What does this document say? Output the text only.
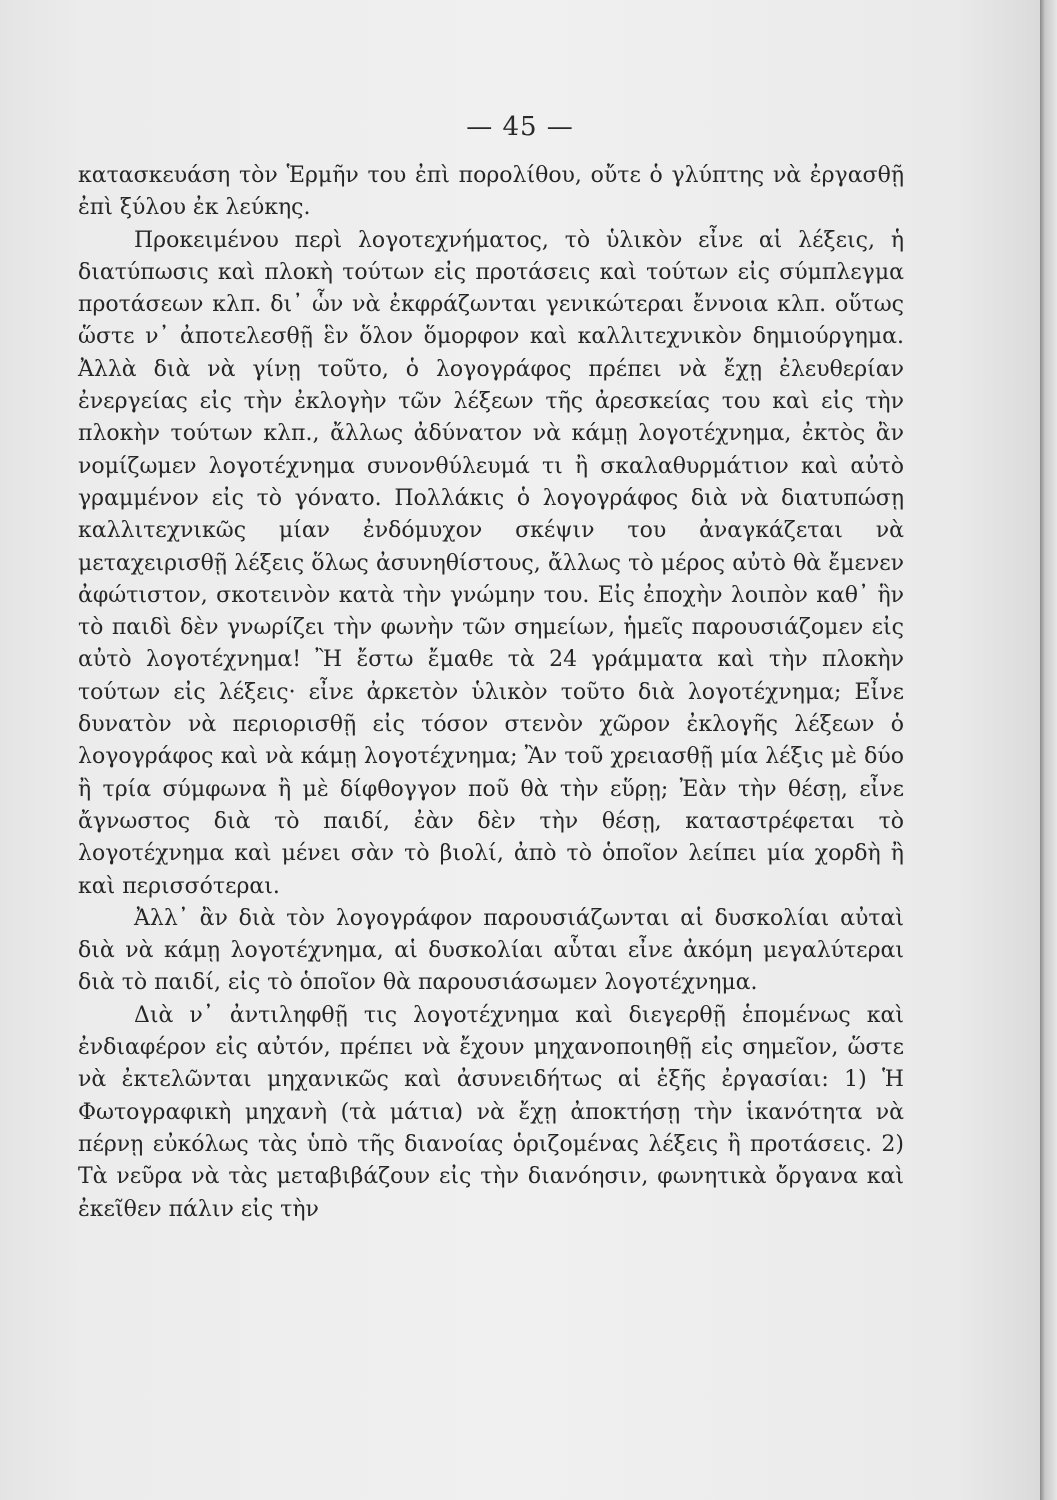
— 45 —

κατασκευάση τὸν Ἑρμῆν του ἐπὶ πορολίθου, οὔτε ὁ γλύπτης νὰ ἐργασθῇ ἐπὶ ξύλου ἐκ λεύκης.

Προκειμένου περὶ λογοτεχνήματος, τὸ ὑλικὸν εἶνε αἱ λέξεις, ἡ διατύπωσις καὶ πλοκὴ τούτων εἰς προτάσεις καὶ τούτων εἰς σύμπλεγμα προτάσεων κλπ. δι᾿ ὧν νὰ ἐκφράζωνται γενικώτεραι ἔννοια κλπ. οὕτως ὥστε ν᾿ ἀποτελεσθῇ ἓν ὅλον ὅμορφον καὶ καλλιτεχνικὸν δημιούργημα. Ἀλλὰ διὰ νὰ γίνῃ τοῦτο, ὁ λογογράφος πρέπει νὰ ἔχῃ ἐλευθερίαν ἐνεργείας εἰς τὴν ἐκλογὴν τῶν λέξεων τῆς ἀρεσκείας του καὶ εἰς τὴν πλοκὴν τούτων κλπ., ἄλλως ἀδύνατον νὰ κάμῃ λογοτέχνημα, ἐκτὸς ἂν νομίζωμεν λογοτέχνημα συνονθύλευμά τι ἢ σκαλαθυρμάτιον καὶ αὐτὸ γραμμένον εἰς τὸ γόνατο. Πολλάκις ὁ λογογράφος διὰ νὰ διατυπώσῃ καλλιτεχνικῶς μίαν ἐνδόμυχον σκέψιν του ἀναγκάζεται νὰ μεταχειρισθῇ λέξεις ὅλως ἀσυνηθίστους, ἄλλως τὸ μέρος αὐτὸ θὰ ἔμενεν ἀφώτιστον, σκοτεινὸν κατὰ τὴν γνώμην του. Εἰς ἐποχὴν λοιπὸν καθ᾿ ἣν τὸ παιδὶ δὲν γνωρίζει τὴν φωνὴν τῶν σημείων, ἡμεῖς παρουσιάζομεν εἰς αὐτὸ λογοτέχνημα! Ἢ ἔστω ἔμαθε τὰ 24 γράμματα καὶ τὴν πλοκὴν τούτων εἰς λέξεις· εἶνε ἀρκετὸν ὑλικὸν τοῦτο διὰ λογοτέχνημα; Εἶνε δυνατὸν νὰ περιορισθῇ εἰς τόσον στενὸν χῶρον ἐκλογῆς λέξεων ὁ λογογράφος καὶ νὰ κάμῃ λογοτέχνημα; Ἂν τοῦ χρειασθῇ μία λέξις μὲ δύο ἢ τρία σύμφωνα ἢ μὲ δίφθογγον ποῦ θὰ τὴν εὕρῃ; Ἐὰν τὴν θέσῃ, εἶνε ἄγνωστος διὰ τὸ παιδί, ἐὰν δὲν τὴν θέσῃ, καταστρέφεται τὸ λογοτέχνημα καὶ μένει σὰν τὸ βιολί, ἀπὸ τὸ ὁποῖον λείπει μία χορδὴ ἢ καὶ περισσότεραι.

Ἀλλ᾿ ἂν διὰ τὸν λογογράφον παρουσιάζωνται αἱ δυσκολίαι αὐταὶ διὰ νὰ κάμῃ λογοτέχνημα, αἱ δυσκολίαι αὗται εἶνε ἀκόμη μεγαλύτεραι διὰ τὸ παιδί, εἰς τὸ ὁποῖον θὰ παρουσιάσωμεν λογοτέχνημα.

Διὰ ν᾿ ἀντιληφθῇ τις λογοτέχνημα καὶ διεγερθῇ ἑπομένως καὶ ἐνδιαφέρον εἰς αὐτόν, πρέπει νὰ ἔχουν μηχανοποιηθῇ εἰς σημεῖον, ὥστε νὰ ἐκτελῶνται μηχανικῶς καὶ ἀσυνειδήτως αἱ ἑξῆς ἐργασίαι: 1) Ἡ Φωτογραφικὴ μηχανὴ (τὰ μάτια) νὰ ἔχῃ ἀποκτήσῃ τὴν ἱκανότητα νὰ πέρνῃ εὐκόλως τὰς ὑπὸ τῆς διανοίας ὁριζομένας λέξεις ἢ προτάσεις. 2) Τὰ νεῦρα νὰ τὰς μεταβιβάζουν εἰς τὴν διανόησιν, φωνητικὰ ὄργανα καὶ ἐκεῖθεν πάλιν εἰς τὴν
